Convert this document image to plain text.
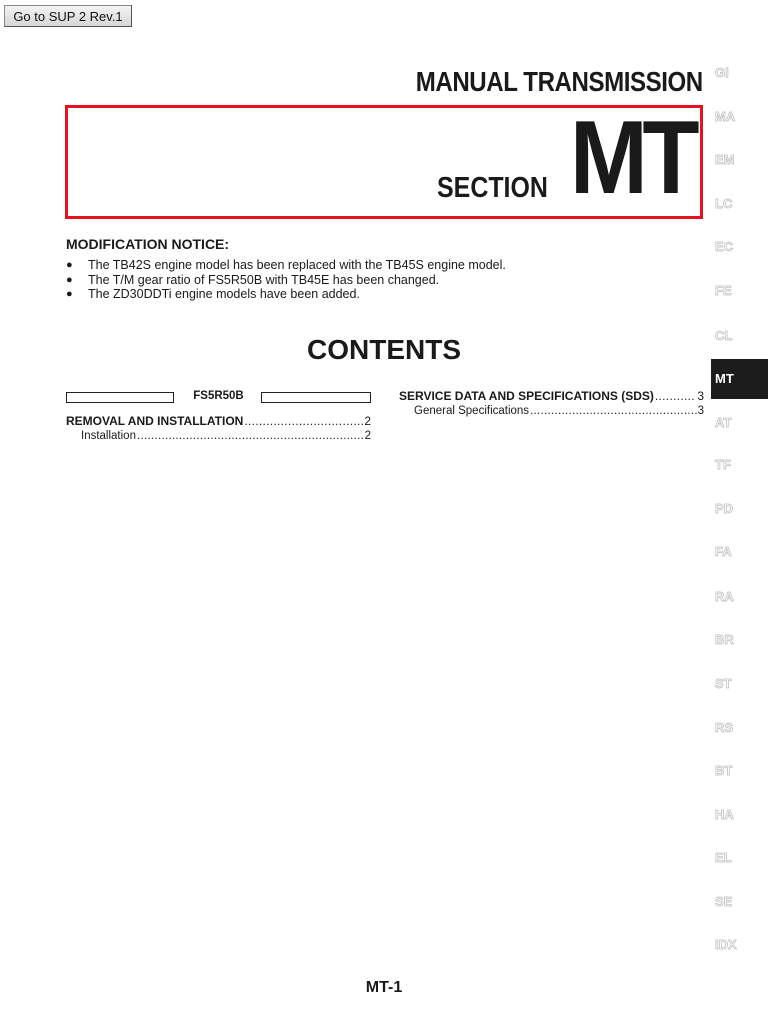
Go to SUP 2 Rev.1
MANUAL TRANSMISSION
SECTION MT
MODIFICATION NOTICE:
● The TB42S engine model has been replaced with the TB45S engine model.
● The T/M gear ratio of FS5R50B with TB45E has been changed.
● The ZD30DDTi engine models have been added.
CONTENTS
FS5R50B
REMOVAL AND INSTALLATION .....	2
Installation .....	2
SERVICE DATA AND SPECIFICATIONS (SDS) .....	3
General Specifications .....	3
GI
MA
EM
LC
EC
FE
CL
MT
AT
TF
PD
FA
RA
BR
ST
RS
BT
HA
EL
SE
IDX
MT-1
